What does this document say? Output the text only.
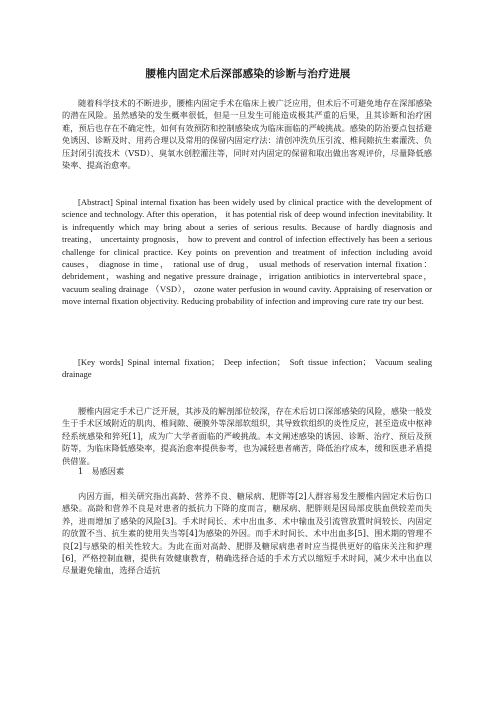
腰椎内固定术后深部感染的诊断与治疗进展

随着科学技术的不断进步，腰椎内固定手术在临床上被广泛应用，但术后不可避免地存在深部感染的潜在风险。虽然感染的发生概率很低，但是一旦发生可能造成极其严重的后果，且其诊断和治疗困难，预后也存在不确定性，如何有效预防和控制感染成为临床面临的严峻挑战。感染的防治要点包括避免诱因、诊断及时、用药合理以及常用的保留内固定疗法：清创冲洗负压引流、椎间隙抗生素灌洗、负压封闭引流技术（VSD）、臭氧水创腔灌注等，同时对内固定的保留和取出做出客观评价，尽量降低感染率、提高治愈率。

[Abstract] Spinal internal fixation has been widely used by clinical practice with the development of science and technology. After this operation， it has potential risk of deep wound infection inevitability. It is infrequently which may bring about a series of serious results. Because of hardly diagnosis and treating， uncertainty prognosis， how to prevent and control of infection effectively has been a serious challenge for clinical practice. Key points on prevention and treatment of infection including avoid causes， diagnose in time， rational use of drug， usual methods of reservation internal fixation：debridement，washing and negative pressure drainage，irrigation antibiotics in intervertebral space， vacuum sealing drainage （VSD）， ozone water perfusion in wound cavity. Appraising of reservation or move internal fixation objectivity. Reducing probability of infection and improving cure rate try our best.

[Key words] Spinal internal fixation； Deep infection； Soft tissue infection； Vacuum sealing drainage

腰椎内固定手术已广泛开展，其涉及的解剖部位较深，存在术后切口深部感染的风险，感染一般发生于手术区域附近的肌肉、椎间隙、硬膜外等深部软组织，其导致软组织的炎性反应，甚至造成中枢神经系统感染和猝死[1]，成为广大学者面临的严峻挑战。本文阐述感染的诱因、诊断、治疗、预后及预防等，为临床降低感染率，提高治愈率提供参考，也为减轻患者痛苦，降低治疗成本，缓和医患矛盾提供借鉴。

1　易感因素

内因方面，相关研究指出高龄、营养不良、糖尿病、肥胖等[2]人群容易发生腰椎内固定术后伤口感染。高龄和营养不良是对患者的抵抗力下降的度而言，糖尿病、肥胖则是因局部皮肤血供较差而失养，进而增加了感染的风险[3]。手术时间长、术中出血多、术中输血及引流管放置时间较长、内固定的放置不当、抗生素的使用失当等[4]为感染的外因。而手术时间长、术中出血多[5]、围术期的管理不良[2]与感染的相关性较大。为此在面对高龄、肥胖及糖尿病患者时应当提供更好的临床关注和护理[6]，严格控制血糖，提供有效健康教育，精确选择合适的手术方式以缩短手术时间，减少术中出血以尽量避免输血，选择合适抗
